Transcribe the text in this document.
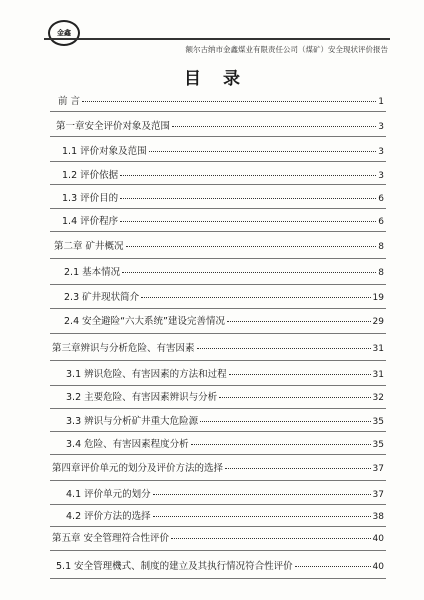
金鑫
额尔古纳市金鑫煤业有限责任公司（煤矿）安全现状评价报告
目录
前 言	1
第一章安全评价对象及范围	3
1.1 评价对象及范围	3
1.2 评价依据	3
1.3 评价目的	6
1.4 评价程序	6
第二章 矿井概况	8
2.1 基本情况	8
2.3 矿井现状简介	19
2.4 安全避险“六大系统”建设完善情况	29
第三章辨识与分析危险、有害因素	31
3.1 辨识危险、有害因素的方法和过程	31
3.2 主要危险、有害因素辨识与分析	32
3.3 辨识与分析矿井重大危险源	35
3.4 危险、有害因素程度分析	35
第四章评价单元的划分及评价方法的选择	37
4.1 评价单元的划分	37
4.2 评价方法的选择	38
第五章 安全管理符合性评价	40
5.1 安全管理機式、制度的建立及其执行情况符合性评价	40
